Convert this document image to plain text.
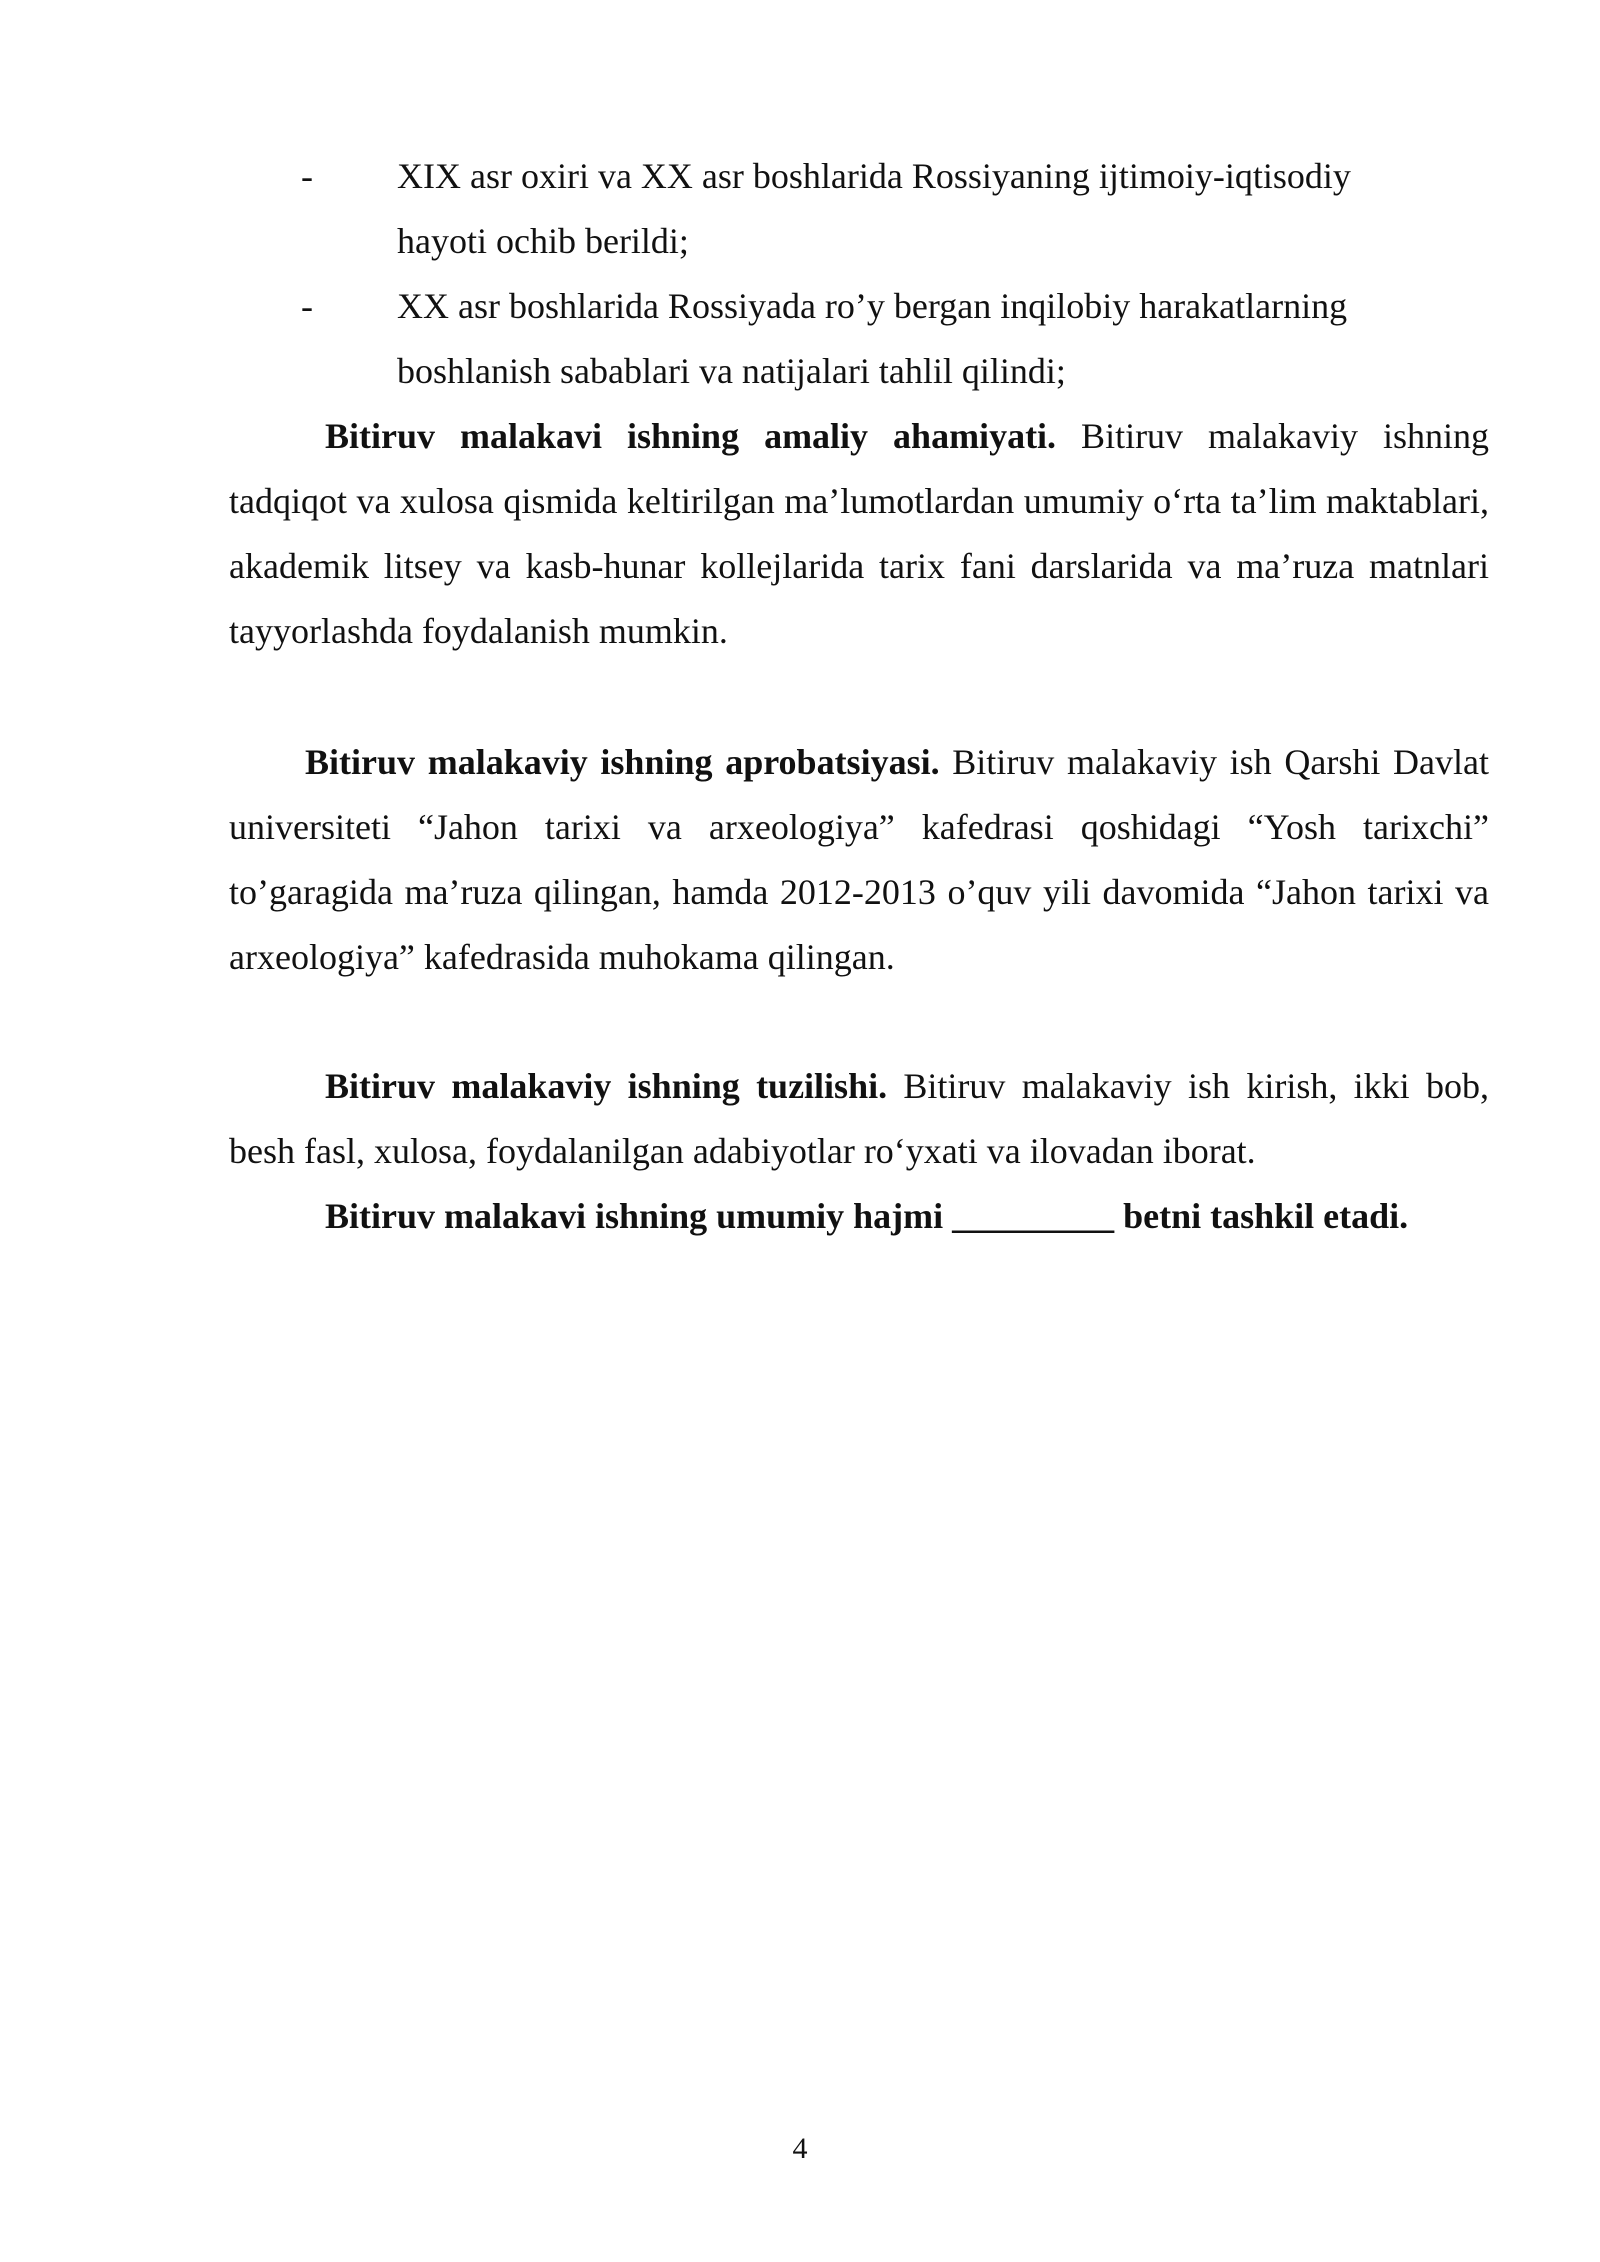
- XIX asr oxiri va XX asr boshlarida Rossiyaning ijtimoiy-iqtisodiy hayoti ochib berildi;
- XX asr boshlarida Rossiyada ro’y bergan inqilobiy harakatlarning boshlanish sabablari va natijalari tahlil qilindi;

Bitiruv malakavi ishning amaliy ahamiyati. Bitiruv malakaviy ishning tadqiqot va xulosa qismida keltirilgan ma’lumotlardan umumiy o‘rta ta’lim maktablari, akademik litsey va kasb-hunar kollejlarida tarix fani darslarida va ma’ruza matnlari tayyorlashda foydalanish mumkin.

Bitiruv malakaviy ishning aprobatsiyasi. Bitiruv malakaviy ish Qarshi Davlat universiteti “Jahon tarixi va arxeologiya” kafedrasi qoshidagi “Yosh tarixchi” to’garagida ma’ruza qilingan, hamda 2012-2013 o’quv yili davomida “Jahon tarixi va arxeologiya” kafedrasida muhokama qilingan.

Bitiruv malakaviy ishning tuzilishi. Bitiruv malakaviy ish kirish, ikki bob, besh fasl, xulosa, foydalanilgan adabiyotlar ro‘yxati va ilovadan iborat.

Bitiruv malakavi ishning umumiy hajmi _________ betni tashkil etadi.

4
